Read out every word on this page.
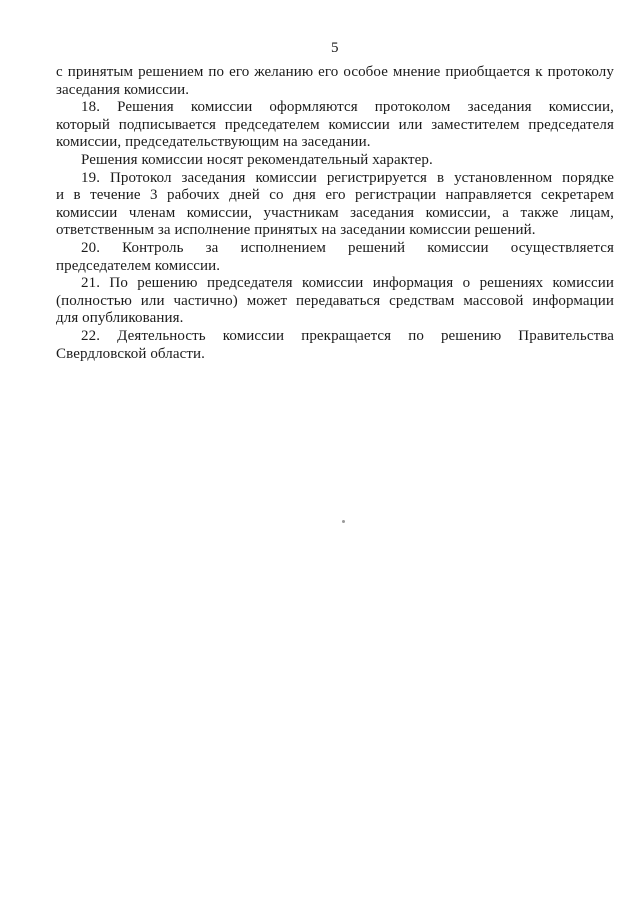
5
с принятым решением по его желанию его особое мнение приобщается к протоколу
заседания комиссии.
18. Решения комиссии оформляются протоколом заседания комиссии,
который подписывается председателем комиссии или заместителем председателя
комиссии, председательствующим на заседании.
Решения комиссии носят рекомендательный характер.
19. Протокол заседания комиссии регистрируется в установленном порядке
и в течение 3 рабочих дней со дня его регистрации направляется секретарем
комиссии членам комиссии, участникам заседания комиссии, а также лицам,
ответственным за исполнение принятых на заседании комиссии решений.
20. Контроль за исполнением решений комиссии осуществляется
председателем комиссии.
21. По решению председателя комиссии информация о решениях комиссии
(полностью или частично) может передаваться средствам массовой информации
для опубликования.
22. Деятельность комиссии прекращается по решению Правительства
Свердловской области.
